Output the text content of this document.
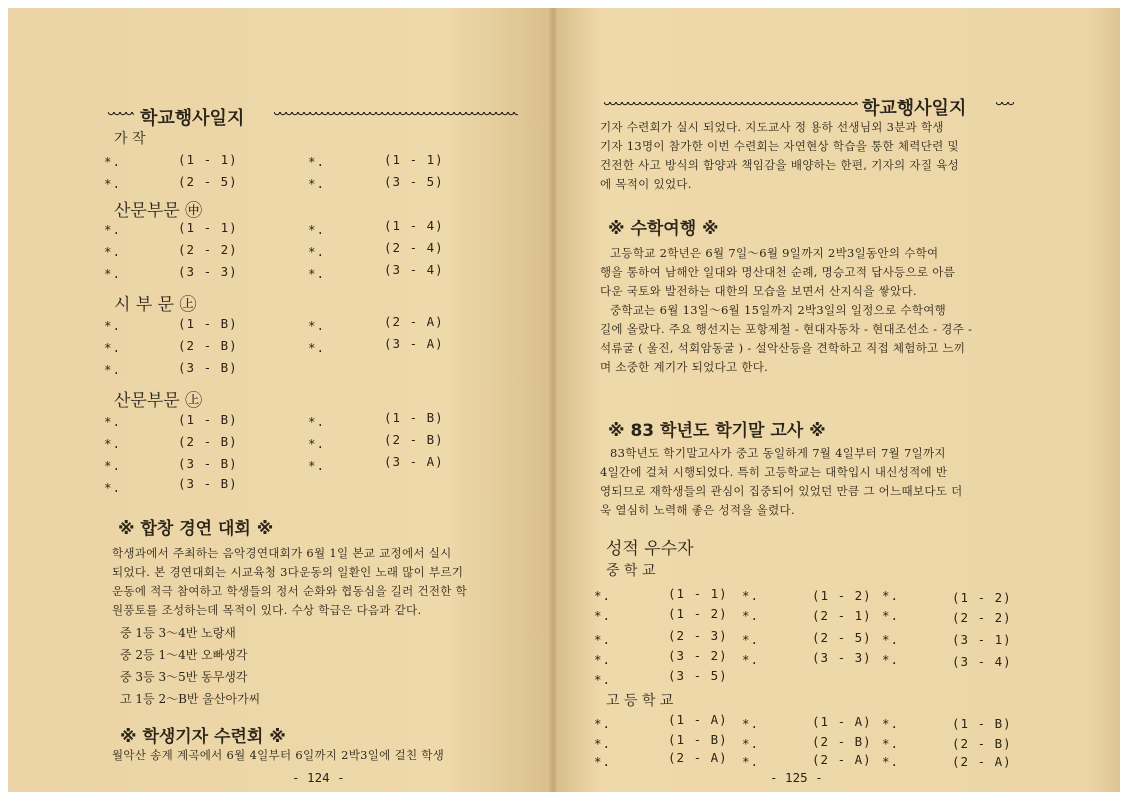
학교행사일지
가 작
*.	(1 - 1)	*.	(1 - 1)
*.	(2 - 5)	*.	(3 - 5)
산문부문 ㊥
*.	(1 - 1)	*.	(1 - 4)
*.	(2 - 2)	*.	(2 - 4)
*.	(3 - 3)	*.	(3 - 4)
시 부 문 ㊤
*.	(1 - B)	*.	(2 - A)
*.	(2 - B)	*.	(3 - A)
*.	(3 - B)
산문부문 ㊤
*.	(1 - B)	*.	(1 - B)
*.	(2 - B)	*.	(2 - B)
*.	(3 - B)	*.	(3 - A)
*.	(3 - B)
※ 합창 경연 대회 ※
학생과에서 주최하는 음악경연대회가 6월 1일 본교 교정에서 실시
되었다. 본 경연대회는 시교육청 3다운동의 일환인 노래 많이 부르기
운동에 적극 참여하고 학생들의 정서 순화와 협동심을 길러 건전한 학
원풍토를 조성하는데 목적이 있다. 수상 학급은 다음과 같다.
중 1등 3～4반 노랑새
중 2등 1～4반 오빠생각
중 3등 3～5반 동무생각
고 1등 2～B반 울산아가씨
※ 학생기자 수련회 ※
월악산 송계 계곡에서 6월 4일부터 6일까지 2박3일에 걸친 학생
- 124 -
학교행사일지
기자 수련회가 실시 되었다. 지도교사 정 용하 선생님외 3분과 학생
기자 13명이 참가한 이번 수련회는 자연현상 학습을 통한 체력단련 및
건전한 사고 방식의 함양과 책임감을 배양하는 한편, 기자의 자질 육성
에 목적이 있었다.
※ 수학여행 ※
고등학교 2학년은 6월 7일～6월 9일까지 2박3일동안의 수학여
행을 통하여 남해안 일대와 명산대천 순례, 명승고적 답사등으로 아름
다운 국토와 발전하는 대한의 모습을 보면서 산지식을 쌓았다.
중학교는 6월 13일～6월 15일까지 2박3일의 일정으로 수학여행
길에 올랐다. 주요 행선지는 포항제철 - 현대자동차 - 현대조선소 - 경주 -
석류굴 ( 울진, 석회암동굴 ) - 설악산등을 견학하고 직접 체험하고 느끼
며 소중한 계기가 되었다고 한다.
※ 83 학년도 학기말 고사 ※
83학년도 학기말고사가 중고 동일하게 7월 4일부터 7월 7일까지
4일간에 걸쳐 시행되었다. 특히 고등학교는 대학입시 내신성적에 반
영되므로 재학생들의 관심이 집중되어 있었던 만큼 그 어느때보다도 더
욱 열심히 노력해 좋은 성적을 올렸다.
성적 우수자
중 학 교
*.	(1 - 1) *.	(1 - 2) *.	(1 - 2)
*.	(1 - 2) *.	(2 - 1) *.	(2 - 2)
*.	(2 - 3) *.	(2 - 5) *.	(3 - 1)
*.	(3 - 2) *.	(3 - 3) *.	(3 - 4)
*.	(3 - 5)
고 등 학 교
*.	(1 - A) *.	(1 - A) *.	(1 - B)
*.	(1 - B) *.	(2 - B) *.	(2 - B)
*.	(2 - A) *.	(2 - A) *.	(2 - A)
- 125 -
